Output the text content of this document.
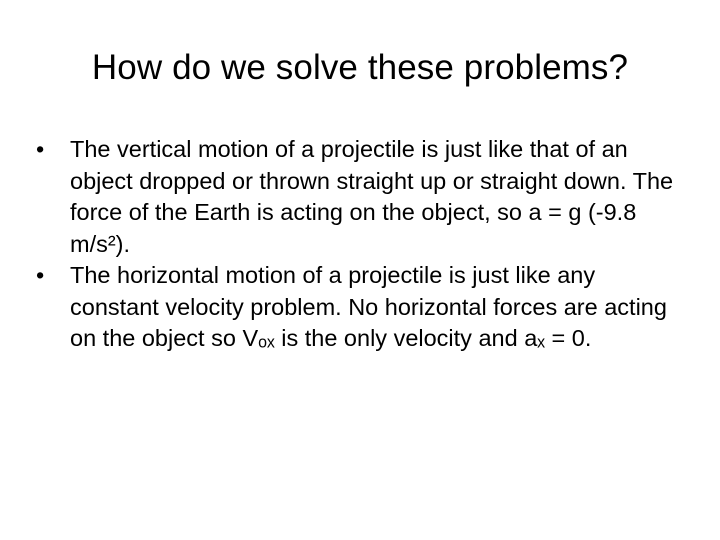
How do we solve these problems?
•	The vertical motion of a projectile is just like that of an object dropped or thrown straight up or straight down. The force of the Earth is acting on the object, so a = g (-9.8 m/s²).
•	The horizontal motion of a projectile is just like any constant velocity problem. No horizontal forces are acting on the object so Vₒₓ is the only velocity and aₓ = 0.
